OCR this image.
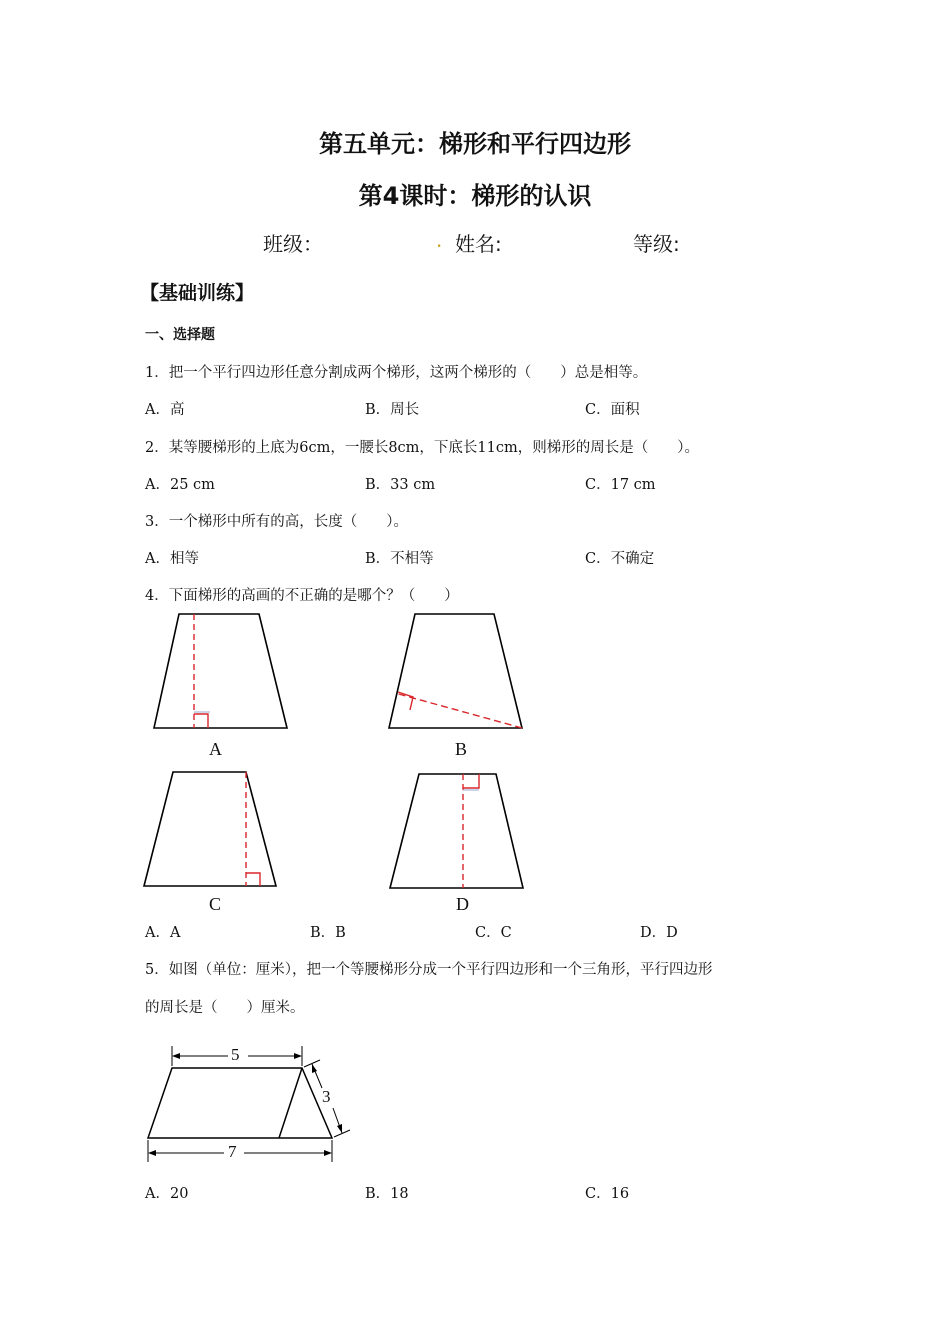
第五单元：梯形和平行四边形
第4课时：梯形的认识
班级：	. 姓名:	等级:
【基础训练】
一、选择题
1．把一个平行四边形任意分割成两个梯形，这两个梯形的（　　）总是相等。
A．高	B．周长	C．面积
2．某等腰梯形的上底为6cm，一腰长8cm，下底长11cm，则梯形的周长是（　　）。
A．25 cm	B．33 cm	C．17 cm
3．一个梯形中所有的高，长度（　　）。
A．相等	B．不相等	C．不确定
4．下面梯形的高画的不正确的是哪个？（　　）
A	B
C	D
A．A	B．B	C．C	D．D
5．如图（单位：厘米），把一个等腰梯形分成一个平行四边形和一个三角形，平行四边形
的周长是（　　）厘米。
5
3
7
A．20	B．18	C．16
